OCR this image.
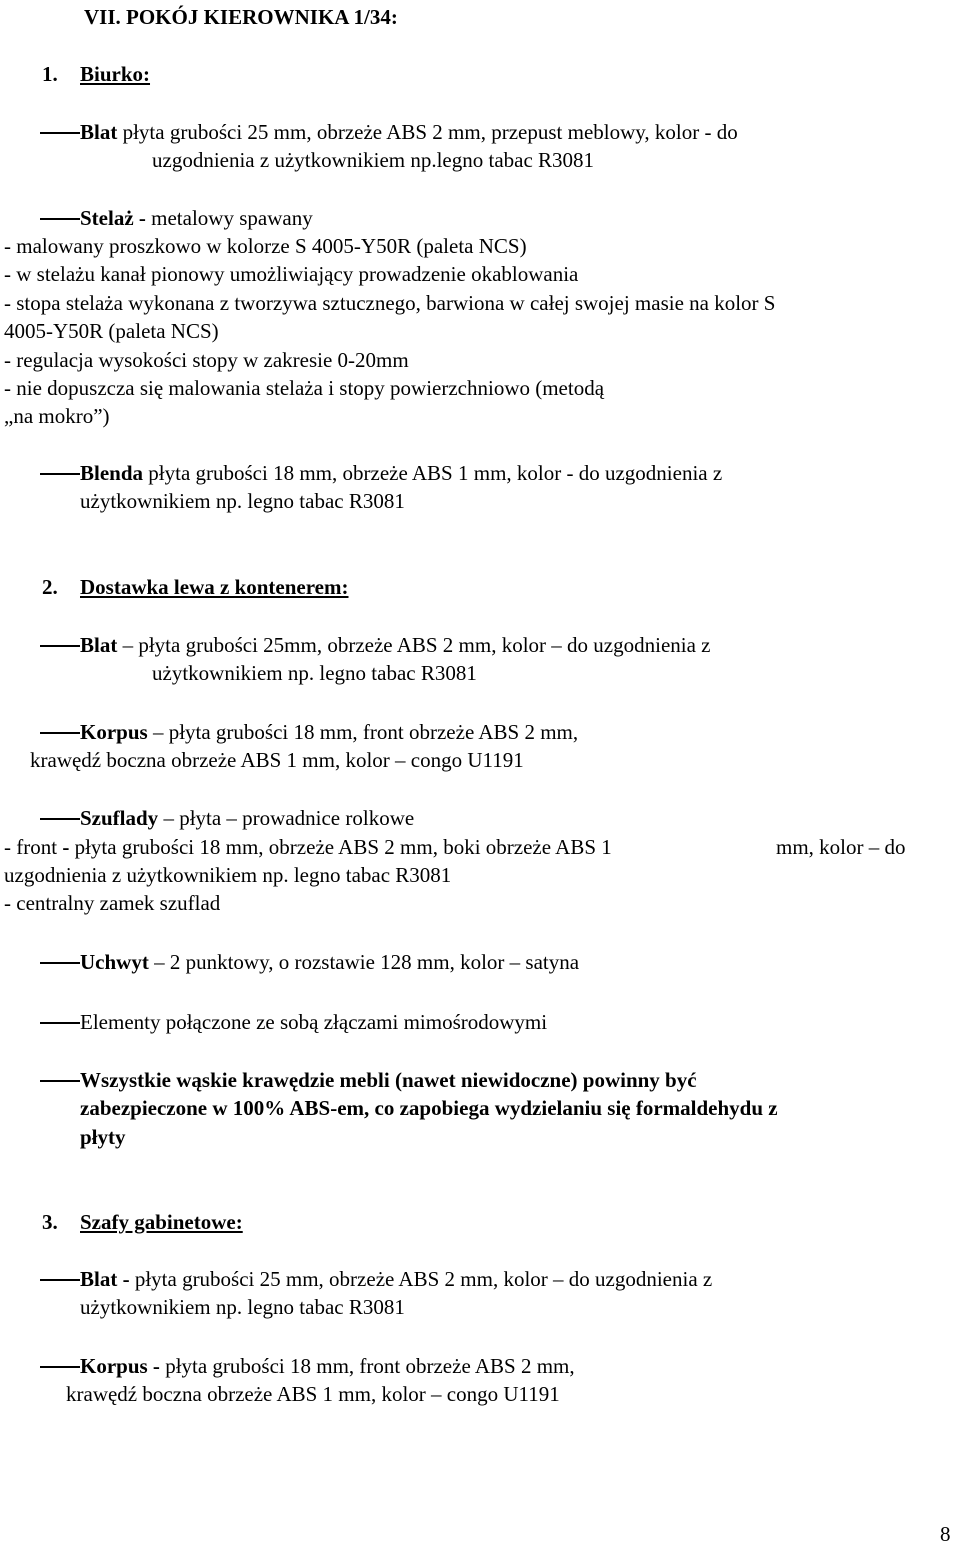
VII. POKÓJ KIEROWNIKA 1/34:
1. Biurko:
Blat płyta grubości 25 mm, obrzeże ABS 2 mm, przepust meblowy, kolor - do
uzgodnienia z użytkownikiem np.legno tabac R3081
Stelaż - metalowy spawany
- malowany proszkowo w kolorze S 4005-Y50R (paleta NCS)
- w stelażu kanał pionowy umożliwiający prowadzenie okablowania
- stopa stelaża wykonana z tworzywa sztucznego, barwiona w całej swojej masie na kolor S
4005-Y50R (paleta NCS)
- regulacja wysokości stopy w zakresie 0-20mm
- nie dopuszcza się malowania stelaża i stopy powierzchniowo (metodą
„na mokro”)
Blenda płyta grubości 18 mm, obrzeże ABS 1 mm, kolor - do uzgodnienia z
użytkownikiem np. legno tabac R3081
2. Dostawka lewa z kontenerem:
Blat – płyta grubości 25mm, obrzeże ABS 2 mm, kolor – do uzgodnienia z
użytkownikiem np. legno tabac R3081
Korpus – płyta grubości 18 mm, front obrzeże ABS 2 mm,
krawędź boczna obrzeże ABS 1 mm, kolor – congo U1191
Szuflady – płyta – prowadnice rolkowe
- front - płyta grubości 18 mm, obrzeże ABS 2 mm, boki obrzeże ABS 1	mm, kolor – do
uzgodnienia z użytkownikiem np. legno tabac R3081
- centralny zamek szuflad
Uchwyt – 2 punktowy, o rozstawie 128 mm, kolor – satyna
Elementy połączone ze sobą złączami mimośrodowymi
Wszystkie wąskie krawędzie mebli (nawet niewidoczne) powinny być
zabezpieczone w 100% ABS-em, co zapobiega wydzielaniu się formaldehydu z
płyty
3. Szafy gabinetowe:
Blat - płyta grubości 25 mm, obrzeże ABS 2 mm, kolor – do uzgodnienia z
użytkownikiem np. legno tabac R3081
Korpus - płyta grubości 18 mm, front obrzeże ABS 2 mm,
krawędź boczna obrzeże ABS 1 mm, kolor – congo U1191
8
